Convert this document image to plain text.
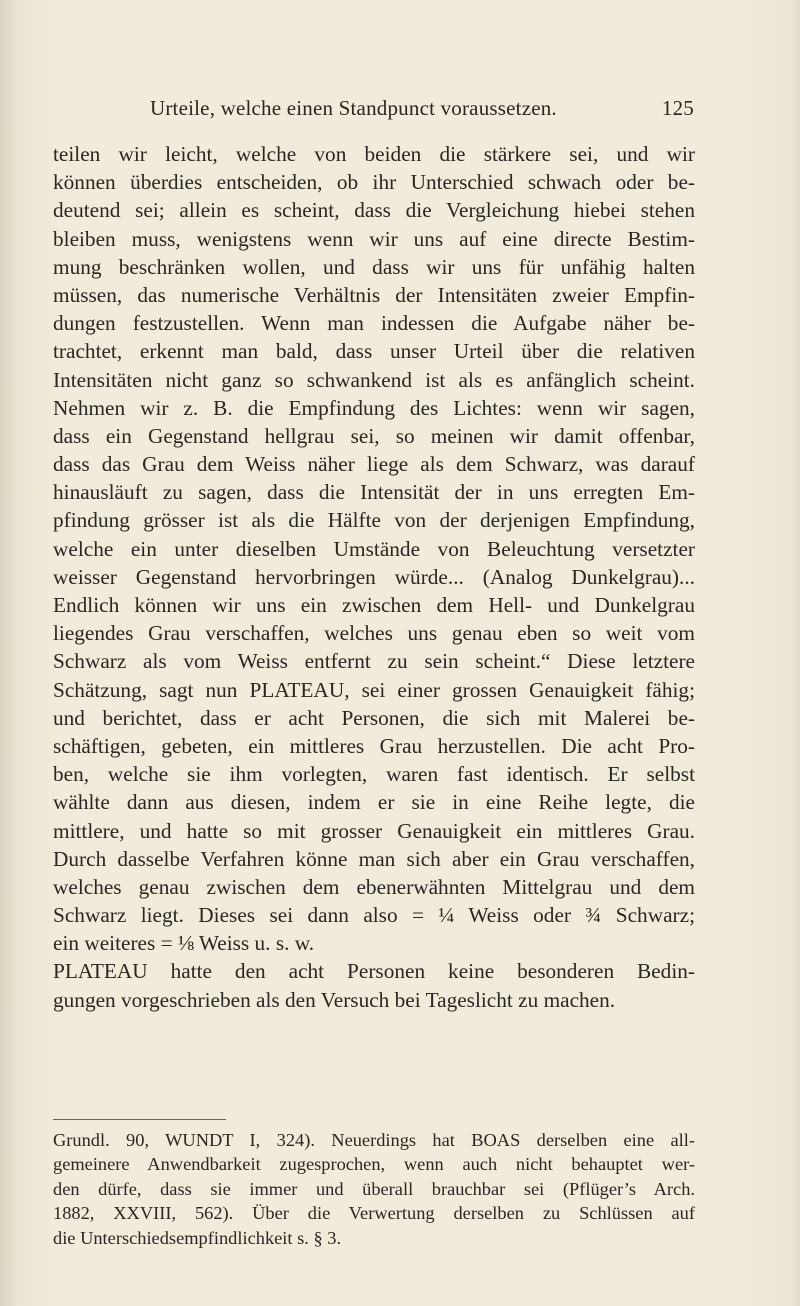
Urteile, welche einen Standpunct voraussetzen.	125
teilen wir leicht, welche von beiden die stärkere sei, und wir
können überdies entscheiden, ob ihr Unterschied schwach oder be-
deutend sei; allein es scheint, dass die Vergleichung hiebei stehen
bleiben muss, wenigstens wenn wir uns auf eine directe Bestim-
mung beschränken wollen, und dass wir uns für unfähig halten
müssen, das numerische Verhältnis der Intensitäten zweier Empfin-
dungen festzustellen. Wenn man indessen die Aufgabe näher be-
trachtet, erkennt man bald, dass unser Urteil über die relativen
Intensitäten nicht ganz so schwankend ist als es anfänglich scheint.
Nehmen wir z. B. die Empfindung des Lichtes: wenn wir sagen,
dass ein Gegenstand hellgrau sei, so meinen wir damit offenbar,
dass das Grau dem Weiss näher liege als dem Schwarz, was darauf
hinausläuft zu sagen, dass die Intensität der in uns erregten Em-
pfindung grösser ist als die Hälfte von der derjenigen Empfindung,
welche ein unter dieselben Umstände von Beleuchtung versetzter
weisser Gegenstand hervorbringen würde... (Analog Dunkelgrau)...
Endlich können wir uns ein zwischen dem Hell- und Dunkelgrau
liegendes Grau verschaffen, welches uns genau eben so weit vom
Schwarz als vom Weiss entfernt zu sein scheint.“ Diese letztere
Schätzung, sagt nun PLATEAU, sei einer grossen Genauigkeit fähig;
und berichtet, dass er acht Personen, die sich mit Malerei be-
schäftigen, gebeten, ein mittleres Grau herzustellen. Die acht Pro-
ben, welche sie ihm vorlegten, waren fast identisch. Er selbst
wählte dann aus diesen, indem er sie in eine Reihe legte, die
mittlere, und hatte so mit grosser Genauigkeit ein mittleres Grau.
Durch dasselbe Verfahren könne man sich aber ein Grau verschaffen,
welches genau zwischen dem ebenerwähnten Mittelgrau und dem
Schwarz liegt. Dieses sei dann also = ¼ Weiss oder ¾ Schwarz;
ein weiteres = ⅛ Weiss u. s. w.
PLATEAU hatte den acht Personen keine besonderen Bedin-
gungen vorgeschrieben als den Versuch bei Tageslicht zu machen.
Grundl. 90, WUNDT I, 324). Neuerdings hat BOAS derselben eine all-
gemeinere Anwendbarkeit zugesprochen, wenn auch nicht behauptet wer-
den dürfe, dass sie immer und überall brauchbar sei (Pflüger’s Arch.
1882, XXVIII, 562). Über die Verwertung derselben zu Schlüssen auf
die Unterschiedsempfindlichkeit s. § 3.
